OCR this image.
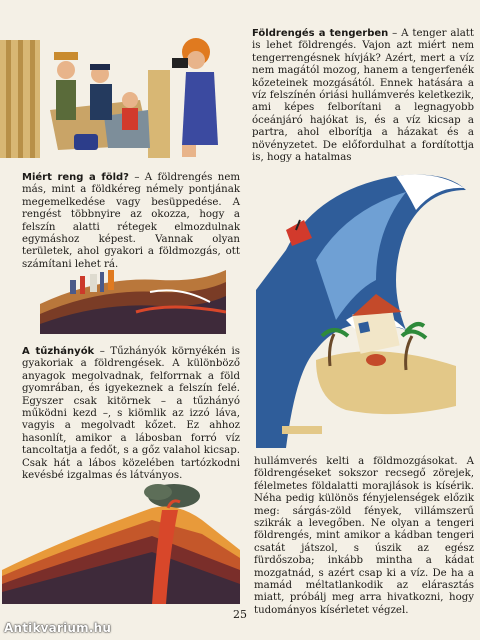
Földrengés a tengerben – A tenger alatt is lehet földrengés. Vajon azt miért nem tengerrengésnek hívják? Azért, mert a víz nem magától mozog, hanem a tengerfenék kőzeteinek mozgásától. Ennek hatására a víz felszínén óriási hullámverés keletkezik, ami képes felborítani a legnagyobb óceánjáró hajókat is, és a víz kicsap a partra, ahol elborítja a házakat és a növényzetet. De előfordulhat a fordítottja is, hogy a hatalmas

Miért reng a föld? – A földrengés nem más, mint a földkéreg némely pontjának megemelkedése vagy besüppedése. A rengést többnyire az okozza, hogy a felszín alatti rétegek elmozdulnak egymáshoz képest. Vannak olyan területek, ahol gyakori a földmozgás, ott számítani lehet rá.

A tűzhányók – Tűzhányók környékén is gyakoriak a földrengések. A különböző anyagok megolvadnak, felforrnak a föld gyomrában, és igyekeznek a felszín felé. Egyszer csak kitörnek – a tűzhányó működni kezd –, s kiömlik az izzó láva, vagyis a megolvadt kőzet. Ez ahhoz hasonlít, amikor a lábosban forró víz tancoltatja a fedőt, s a gőz valahol kicsap. Csak hát a lábos közelében tartózkodni kevésbé izgalmas és látványos.

hullámverés kelti a földmozgásokat. A földrengéseket sokszor recsegő zörejek, félelmetes földalatti morajlások is kísérik. Néha pedig különös fényjelenségek előzik meg: sárgás-zöld fények, villámszerű szikrák a levegőben. Ne olyan a tengeri földrengés, mint amikor a kádban tengeri csatát játszol, s úszik az egész fürdőszoba; inkább mintha a kádat mozgatnád, s azért csap ki a víz. De ha a mamád méltatlankodik az elárasztás miatt, próbálj meg arra hivatkozni, hogy tudományos kísérletet végzel.

25
Antikvarium.hu
